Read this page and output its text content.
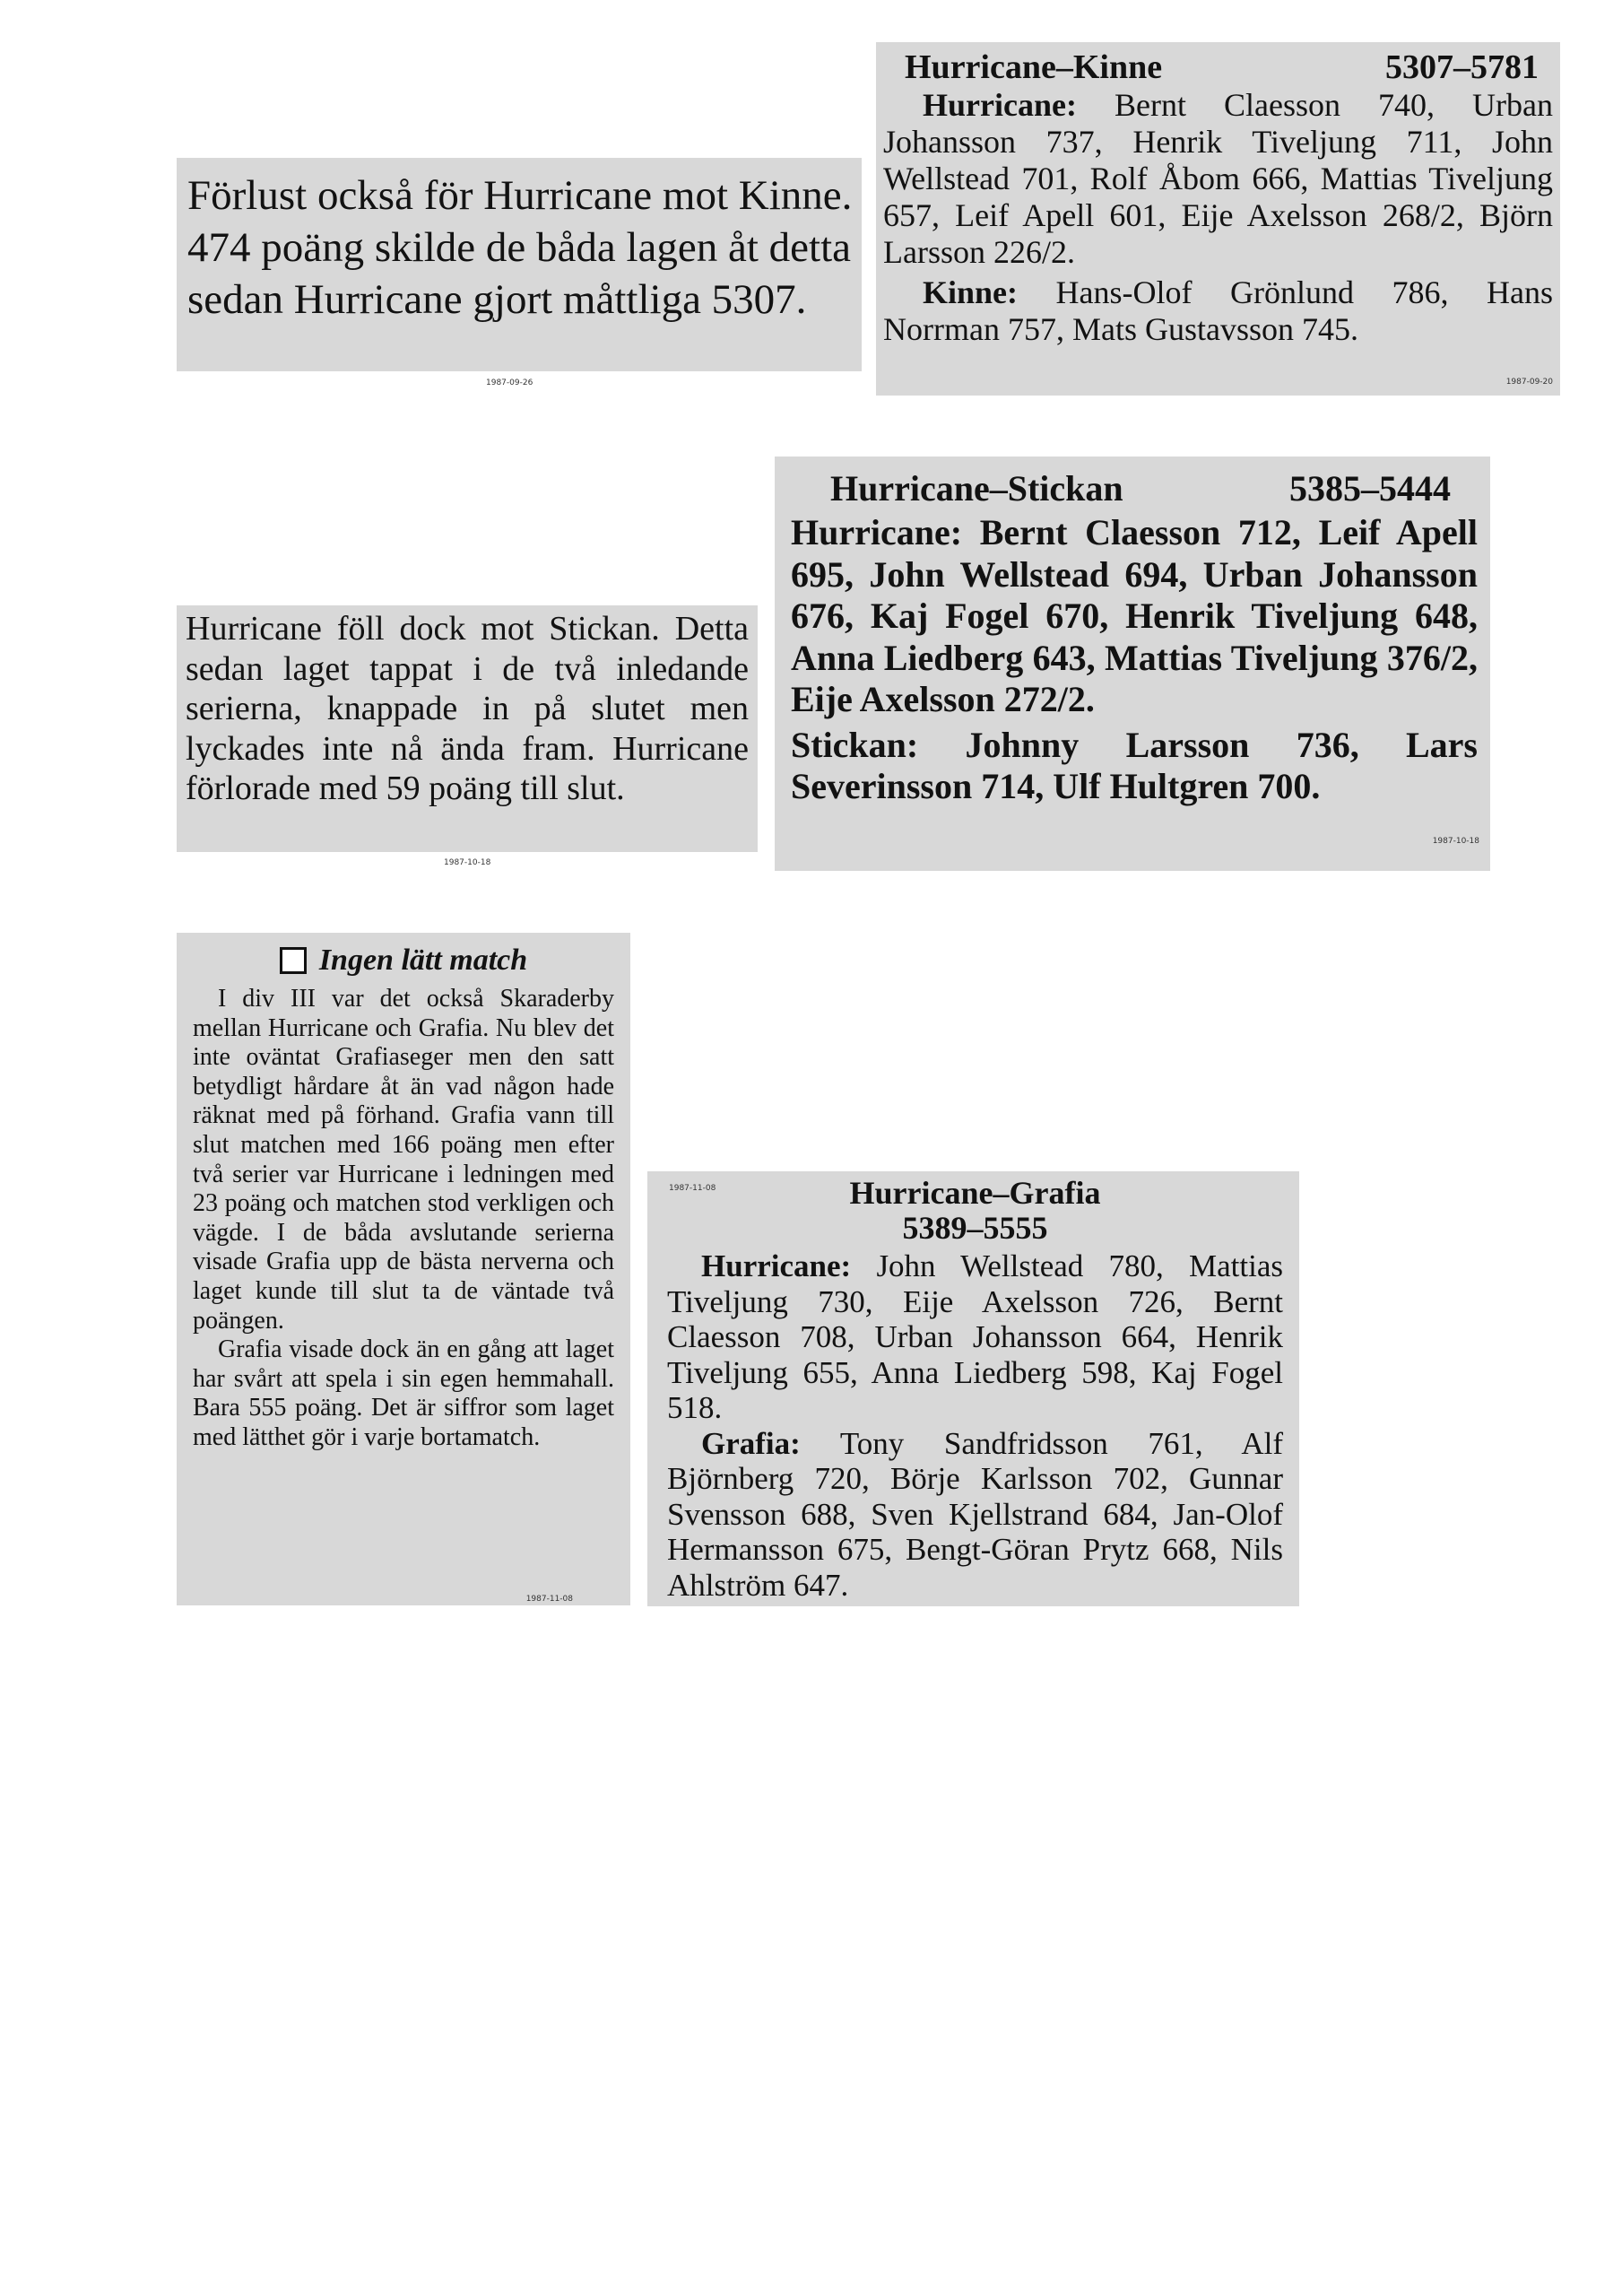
Förlust också för Hurricane mot Kinne. 474 poäng skilde de båda lagen åt detta sedan Hurricane gjort måttliga 5307.

1987-09-26
Hurricane–Kinne	5307–5781

Hurricane: Bernt Claesson 740, Urban Johansson 737, Henrik Tiveljung 711, John Wellstead 701, Rolf Åbom 666, Mattias Tiveljung 657, Leif Apell 601, Eije Axelsson 268/2, Björn Larsson 226/2.

Kinne: Hans-Olof Grönlund 786, Hans Norrman 757, Mats Gustavsson 745.

1987-09-20

Hurricane föll dock mot Stickan. Detta sedan laget tappat i de två inledande serierna, knappade in på slutet men lyckades inte nå ända fram. Hurricane förlorade med 59 poäng till slut.

1987-10-18
Hurricane–Stickan	5385–5444

Hurricane: Bernt Claesson 712, Leif Apell 695, John Wellstead 694, Urban Johansson 676, Kaj Fogel 670, Henrik Tiveljung 648, Anna Liedberg 643, Mattias Tiveljung 376/2, Eije Axelsson 272/2.

Stickan: Johnny Larsson 736, Lars Severinsson 714, Ulf Hultgren 700.

1987-10-18
Ingen lätt match

I div III var det också Skaraderby mellan Hurricane och Grafia. Nu blev det inte oväntat Grafiaseger men den satt betydligt hårdare åt än vad någon hade räknat med på förhand. Grafia vann till slut matchen med 166 poäng men efter två serier var Hurricane i ledningen med 23 poäng och matchen stod verkligen och vägde. I de båda avslutande serierna visade Grafia upp de bästa nerverna och laget kunde till slut ta de väntade två poängen.

Grafia visade dock än en gång att laget har svårt att spela i sin egen hemmahall. Bara 555 poäng. Det är siffror som laget med lätthet gör i varje bortamatch.

1987-11-08
1987-11-08	Hurricane–Grafia
5389–5555

Hurricane: John Wellstead 780, Mattias Tiveljung 730, Eije Axelsson 726, Bernt Claesson 708, Urban Johansson 664, Henrik Tiveljung 655, Anna Liedberg 598, Kaj Fogel 518.

Grafia: Tony Sandfridsson 761, Alf Björnberg 720, Börje Karlsson 702, Gunnar Svensson 688, Sven Kjellstrand 684, Jan-Olof Hermansson 675, Bengt-Göran Prytz 668, Nils Ahlström 647.
